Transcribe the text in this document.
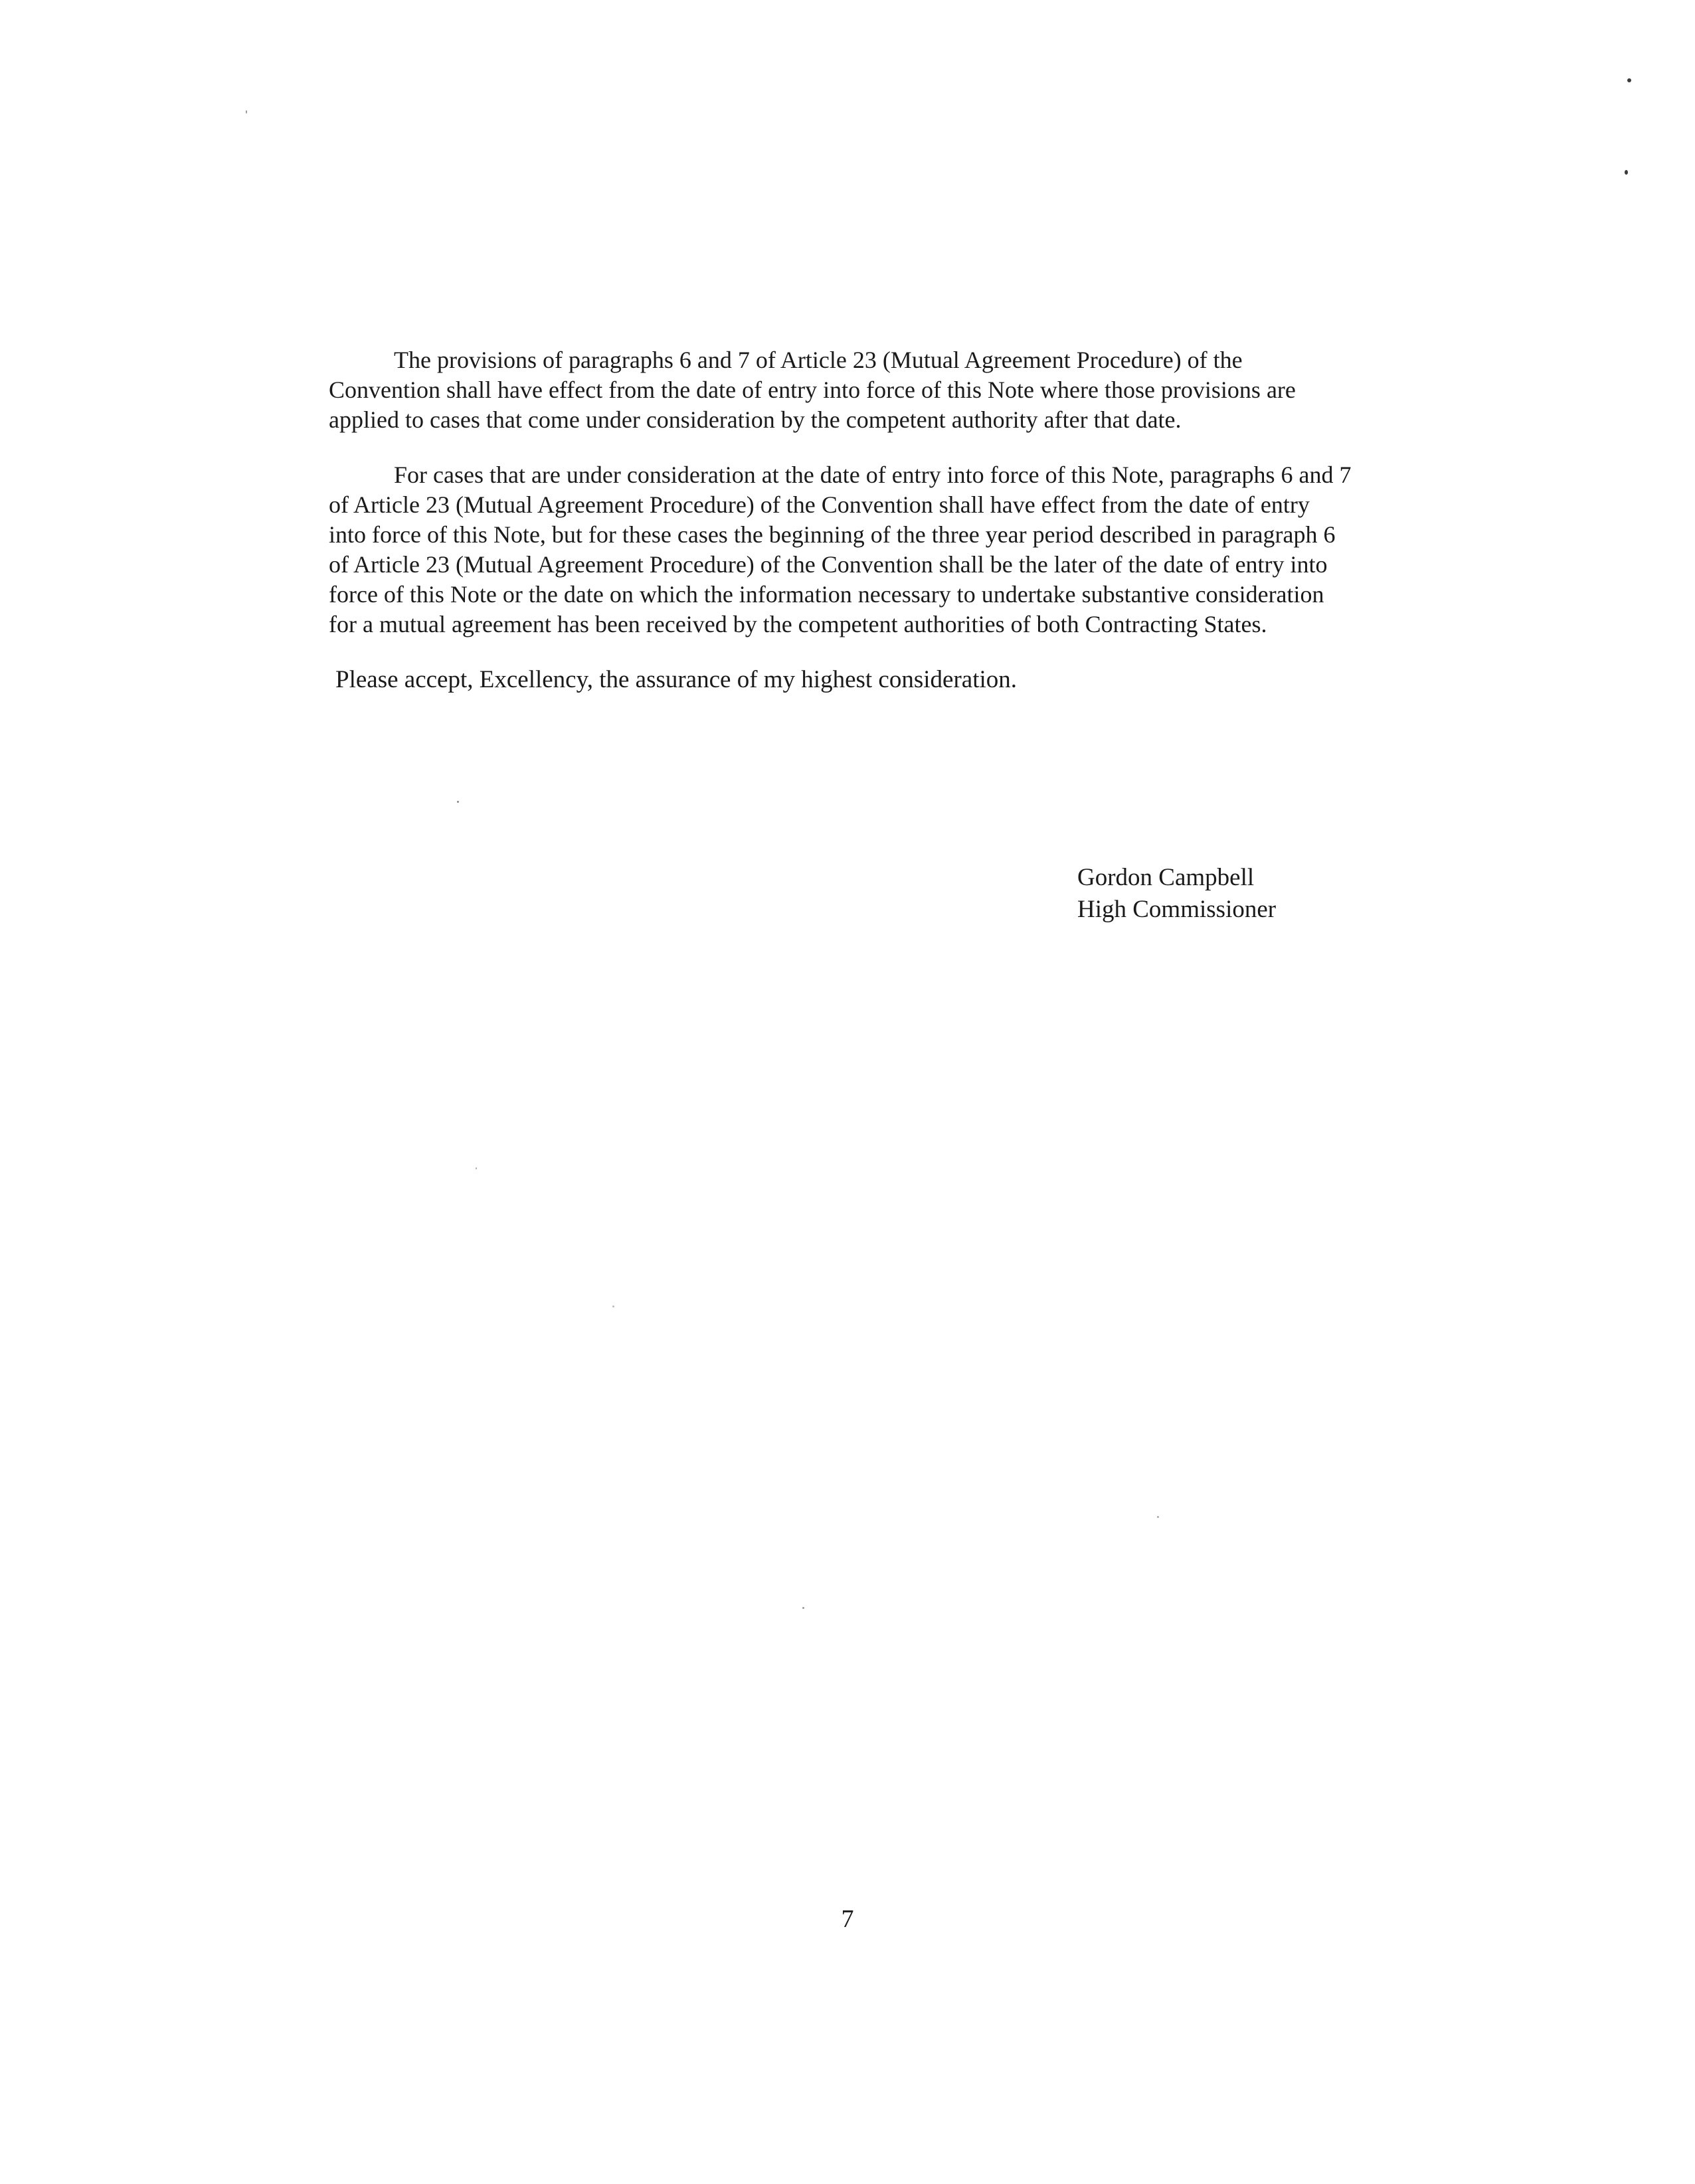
The provisions of paragraphs 6 and 7 of Article 23 (Mutual Agreement Procedure) of the Convention shall have effect from the date of entry into force of this Note where those provisions are applied to cases that come under consideration by the competent authority after that date.

For cases that are under consideration at the date of entry into force of this Note, paragraphs 6 and 7 of Article 23 (Mutual Agreement Procedure) of the Convention shall have effect from the date of entry into force of this Note, but for these cases the beginning of the three year period described in paragraph 6 of Article 23 (Mutual Agreement Procedure) of the Convention shall be the later of the date of entry into force of this Note or the date on which the information necessary to undertake substantive consideration for a mutual agreement has been received by the competent authorities of both Contracting States.

Please accept, Excellency, the assurance of my highest consideration.

Gordon Campbell
High Commissioner
7
